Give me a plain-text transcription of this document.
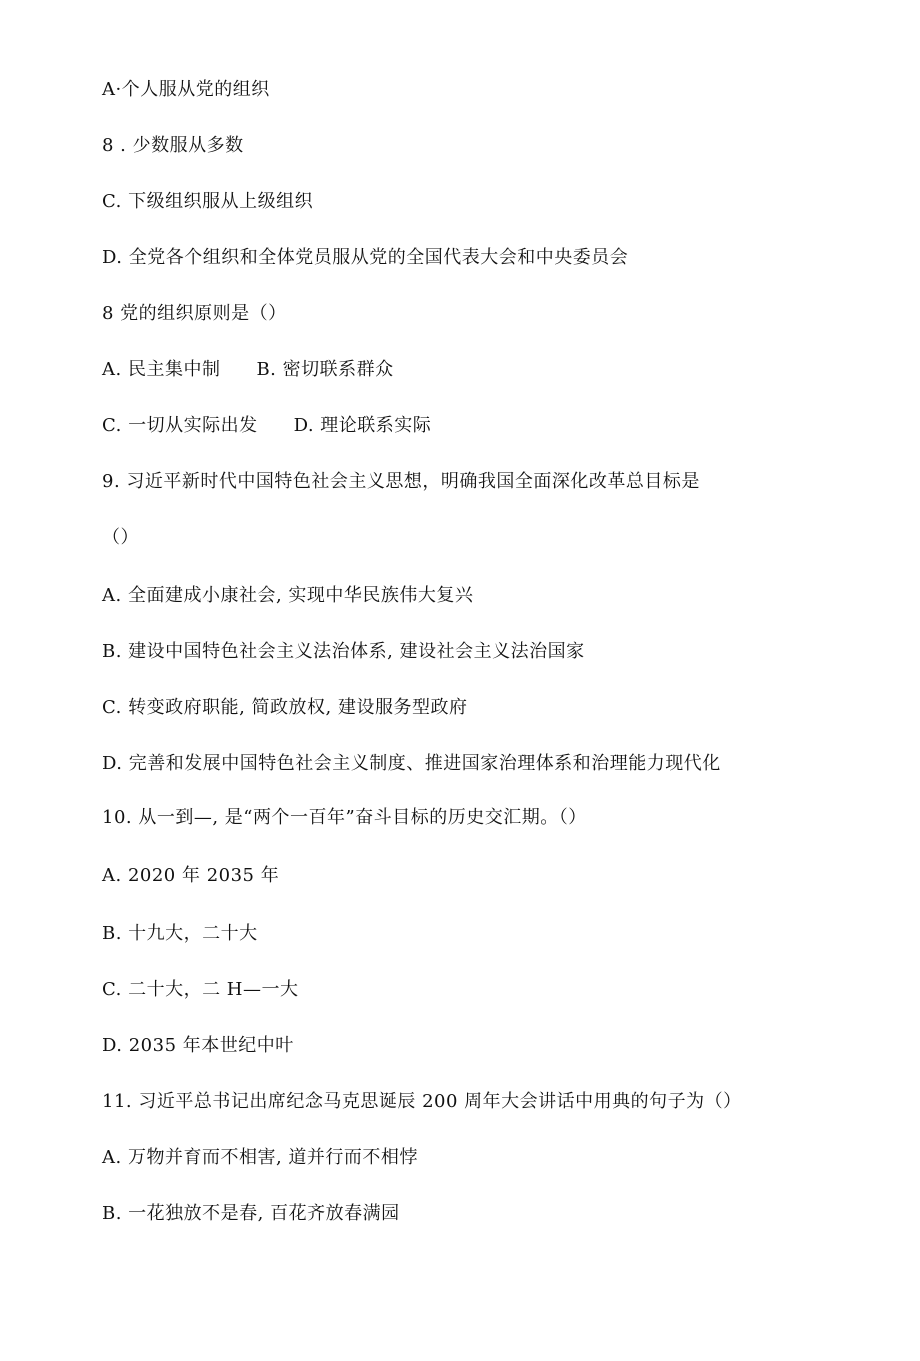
A·个人服从党的组织
8 . 少数服从多数
C. 下级组织服从上级组织
D. 全党各个组织和全体党员服从党的全国代表大会和中央委员会
8 党的组织原则是（）
A. 民主集中制 B. 密切联系群众
C. 一切从实际出发 D. 理论联系实际
9. 习近平新时代中国特色社会主义思想，明确我国全面深化改革总目标是
（）
A. 全面建成小康社会, 实现中华民族伟大复兴
B. 建设中国特色社会主义法治体系, 建设社会主义法治国家
C. 转变政府职能, 简政放权, 建设服务型政府
D. 完善和发展中国特色社会主义制度、推进国家治理体系和治理能力现代化
10. 从一到—, 是“两个一百年”奋斗目标的历史交汇期。（）
A. 2020 年 2035 年
B. 十九大，二十大
C. 二十大，二 H—一大
D. 2035 年本世纪中叶
11. 习近平总书记出席纪念马克思诞辰 200 周年大会讲话中用典的句子为（）
A. 万物并育而不相害, 道并行而不相悖
B. 一花独放不是春, 百花齐放春满园
